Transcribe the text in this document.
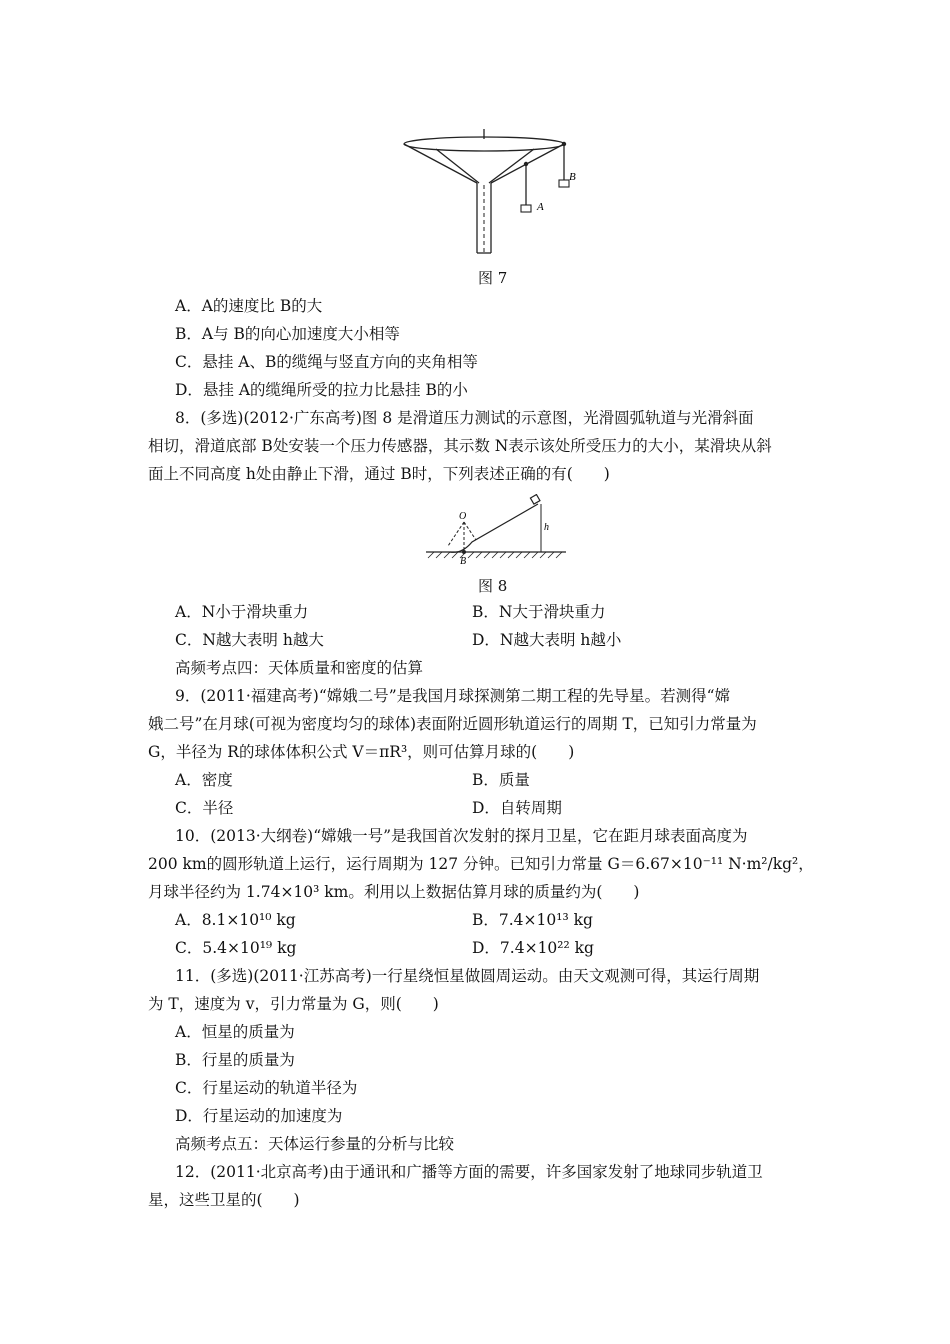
A
B
图 7
A．A的速度比 B的大
B．A与 B的向心加速度大小相等
C．悬挂 A、B的缆绳与竖直方向的夹角相等
D．悬挂 A的缆绳所受的拉力比悬挂 B的小
8．(多选)(2012·广东高考)图 8 是滑道压力测试的示意图，光滑圆弧轨道与光滑斜面
相切，滑道底部 B处安装一个压力传感器，其示数 N表示该处所受压力的大小，某滑块从斜
面上不同高度 h处由静止下滑，通过 B时，下列表述正确的有(　　)
O
B
h
图 8
A．N小于滑块重力	B．N大于滑块重力
C．N越大表明 h越大	D．N越大表明 h越小
高频考点四：天体质量和密度的估算
9．(2011·福建高考)“嫦娥二号”是我国月球探测第二期工程的先导星。若测得“嫦
娥二号”在月球(可视为密度均匀的球体)表面附近圆形轨道运行的周期 T，已知引力常量为
G，半径为 R的球体体积公式 V＝πR³，则可估算月球的(　　)
A．密度	B．质量
C．半径	D．自转周期
10．(2013·大纲卷)“嫦娥一号”是我国首次发射的探月卫星，它在距月球表面高度为
200 km的圆形轨道上运行，运行周期为 127 分钟。已知引力常量 G＝6.67×10⁻¹¹ N·m²/kg²，
月球半径约为 1.74×10³ km。利用以上数据估算月球的质量约为(　　)
A．8.1×10¹⁰ kg	B．7.4×10¹³ kg
C．5.4×10¹⁹ kg	D．7.4×10²² kg
11．(多选)(2011·江苏高考)一行星绕恒星做圆周运动。由天文观测可得，其运行周期
为 T，速度为 v，引力常量为 G，则(　　)
A．恒星的质量为
B．行星的质量为
C．行星运动的轨道半径为
D．行星运动的加速度为
高频考点五：天体运行参量的分析与比较
12．(2011·北京高考)由于通讯和广播等方面的需要，许多国家发射了地球同步轨道卫
星，这些卫星的(　　)
